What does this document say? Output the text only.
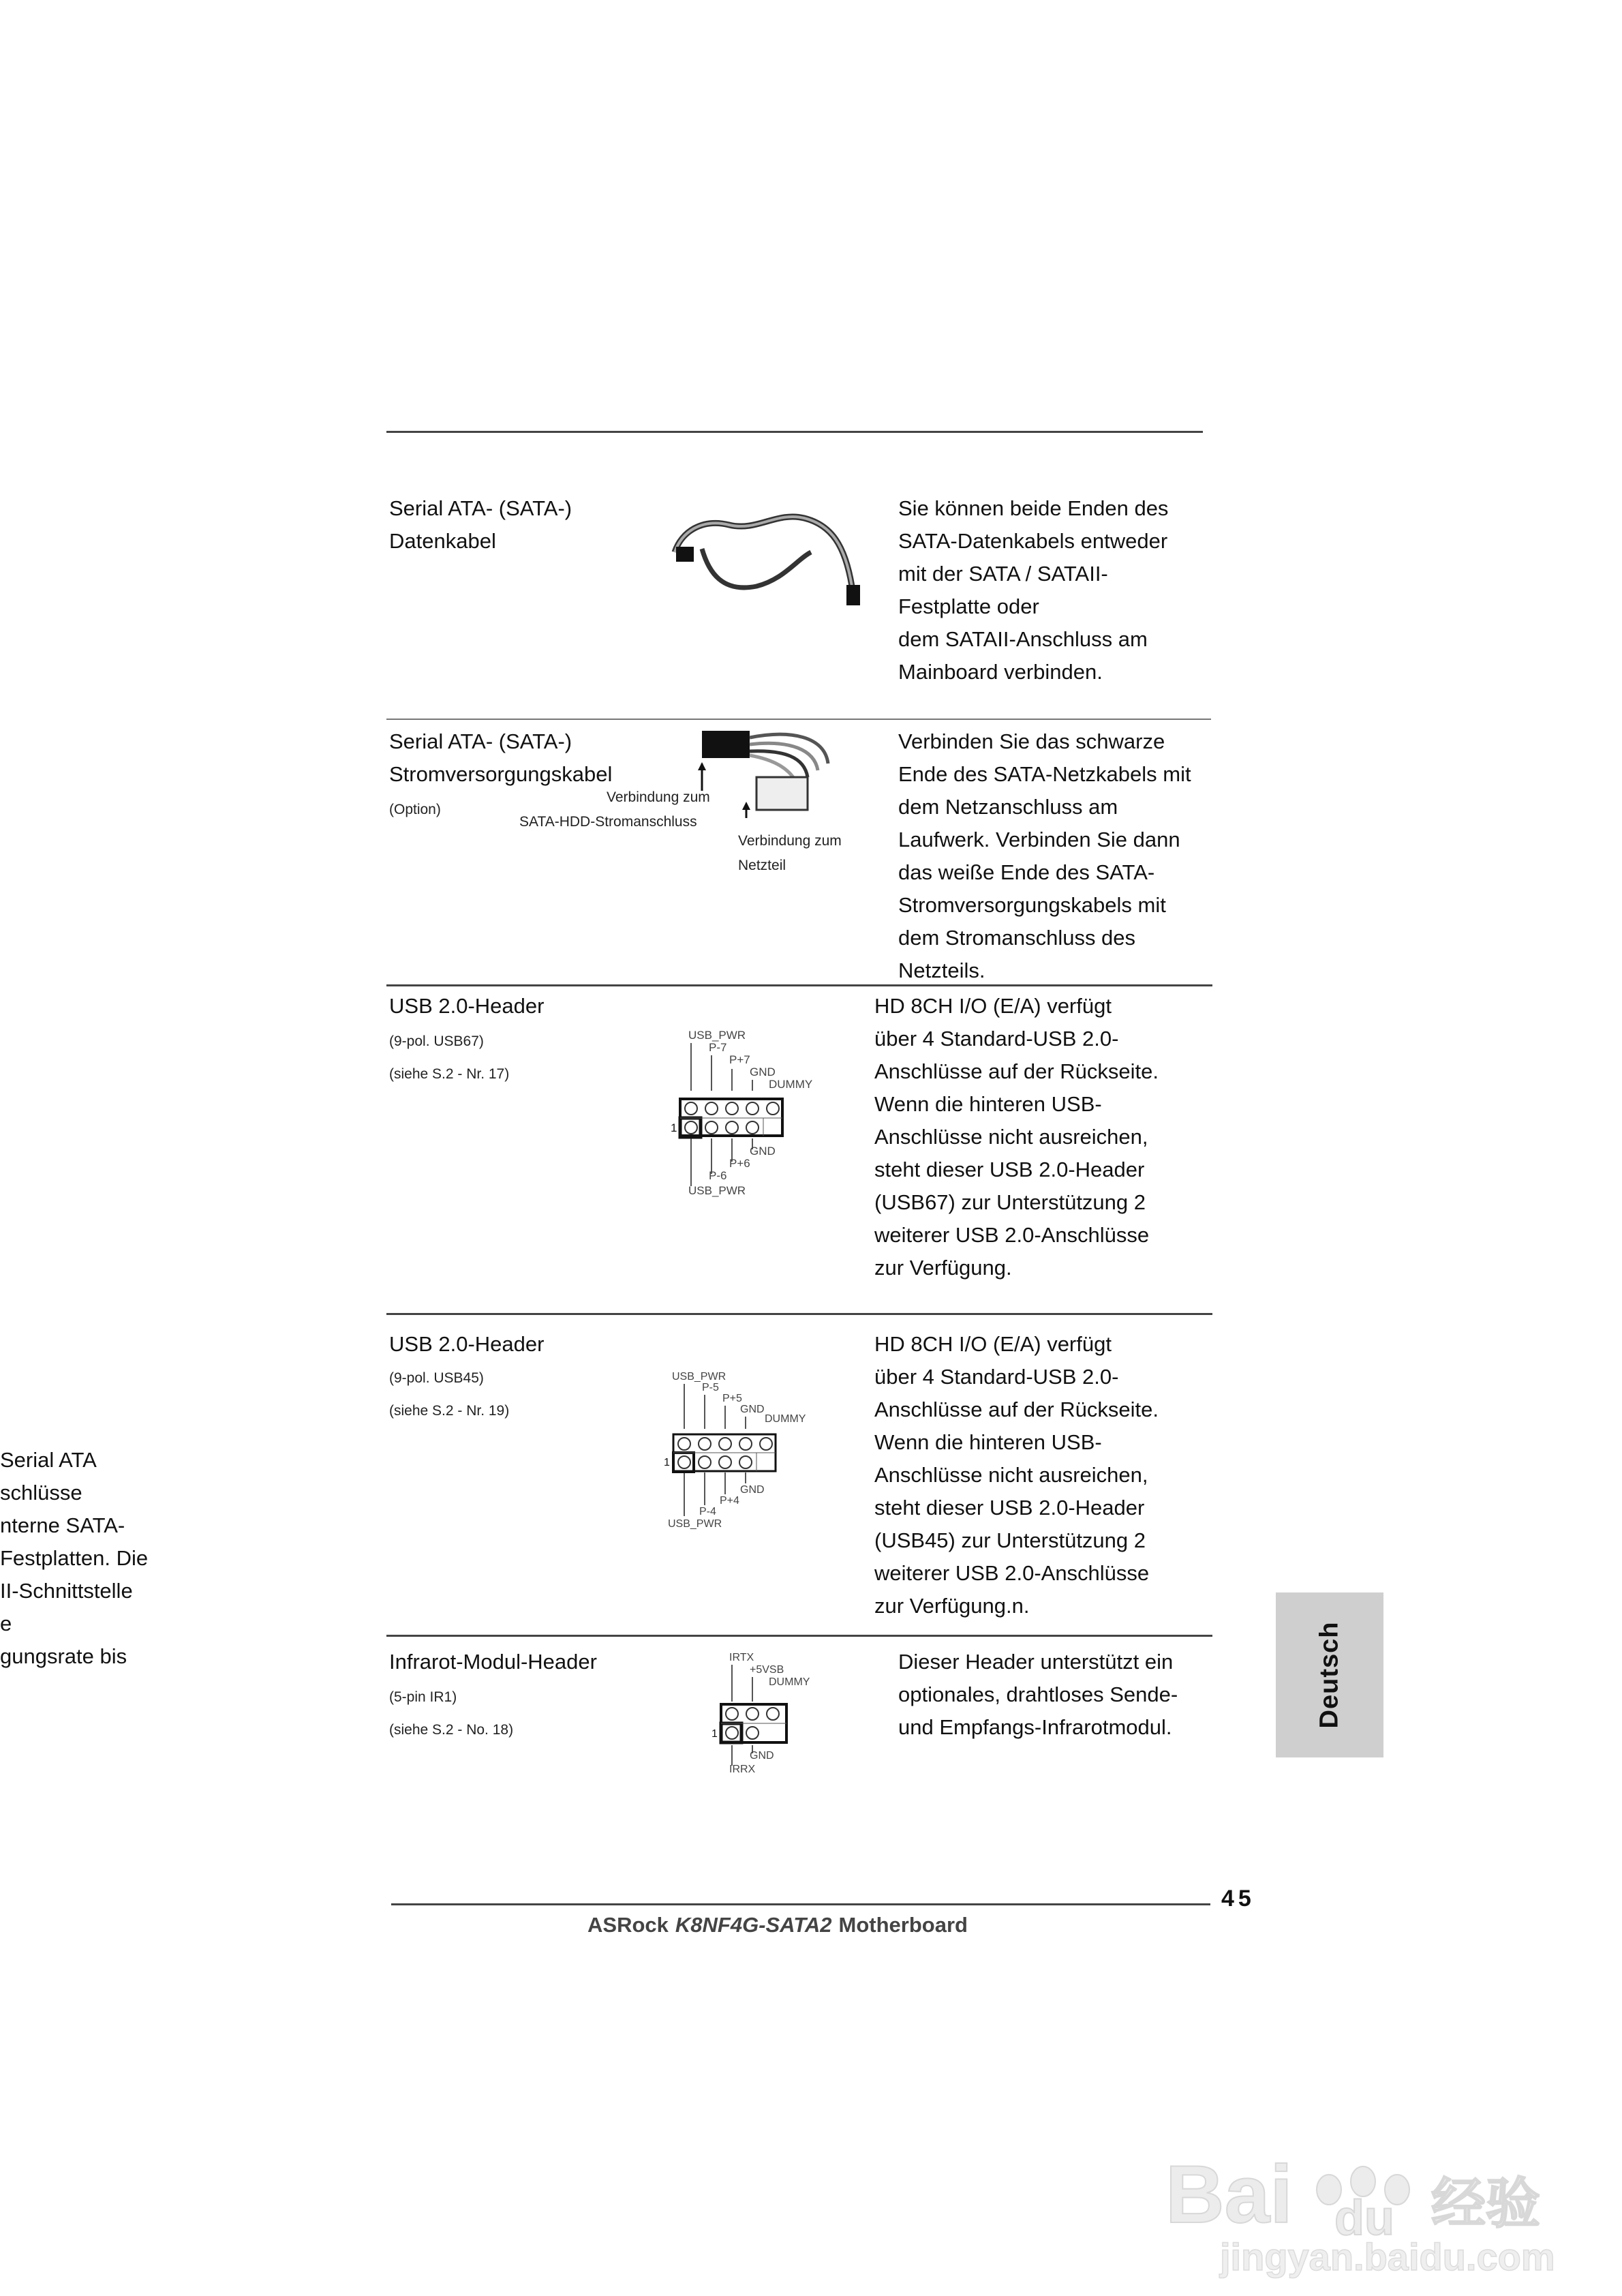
Serial ATA
schlüsse
nterne SATA-
Festplatten. Die
II-Schnittstelle
e
gungsrate bis
Serial ATA- (SATA-)
Datenkabel
Sie können beide Enden des
SATA-Datenkabels entweder
mit der SATA / SATAII-
Festplatte oder
dem SATAII-Anschluss am
Mainboard verbinden.
Serial ATA- (SATA-)
Stromversorgungskabel
(Option)
Verbindung zum
SATA-HDD-Stromanschluss
Verbindung zum
Netzteil
Verbinden Sie das schwarze
Ende des SATA-Netzkabels mit
dem Netzanschluss am
Laufwerk. Verbinden Sie dann
das weiße Ende des SATA-
Stromversorgungskabels mit
dem Stromanschluss des
Netzteils.
USB 2.0-Header
(9-pol. USB67)
(siehe S.2 - Nr. 17)
USB_PWR
P-7
P+7
GND
DUMMY
GND
P+6
P-6
USB_PWR
1
HD 8CH I/O (E/A) verfügt
über 4 Standard-USB 2.0-
Anschlüsse auf der Rückseite.
Wenn die hinteren USB-
Anschlüsse nicht ausreichen,
steht dieser USB 2.0-Header
(USB67) zur Unterstützung 2
weiterer USB 2.0-Anschlüsse
zur Verfügung.
USB 2.0-Header
(9-pol. USB45)
(siehe S.2 - Nr. 19)
USB_PWR
P-5
P+5
GND
DUMMY
GND
P+4
P-4
USB_PWR
1
HD 8CH I/O (E/A) verfügt
über 4 Standard-USB 2.0-
Anschlüsse auf der Rückseite.
Wenn die hinteren USB-
Anschlüsse nicht ausreichen,
steht dieser USB 2.0-Header
(USB45) zur Unterstützung 2
weiterer USB 2.0-Anschlüsse
zur Verfügung.n.
Infrarot-Modul-Header
(5-pin IR1)
(siehe S.2 - No. 18)
IRTX
+5VSB
DUMMY
GND
IRRX
1
Dieser Header unterstützt ein
optionales, drahtloses Sende-
und Empfangs-Infrarotmodul.	Deutsch
45
ASRock K8NF4G-SATA2 Motherboard
Bai du 经验
jingyan.baidu.com
